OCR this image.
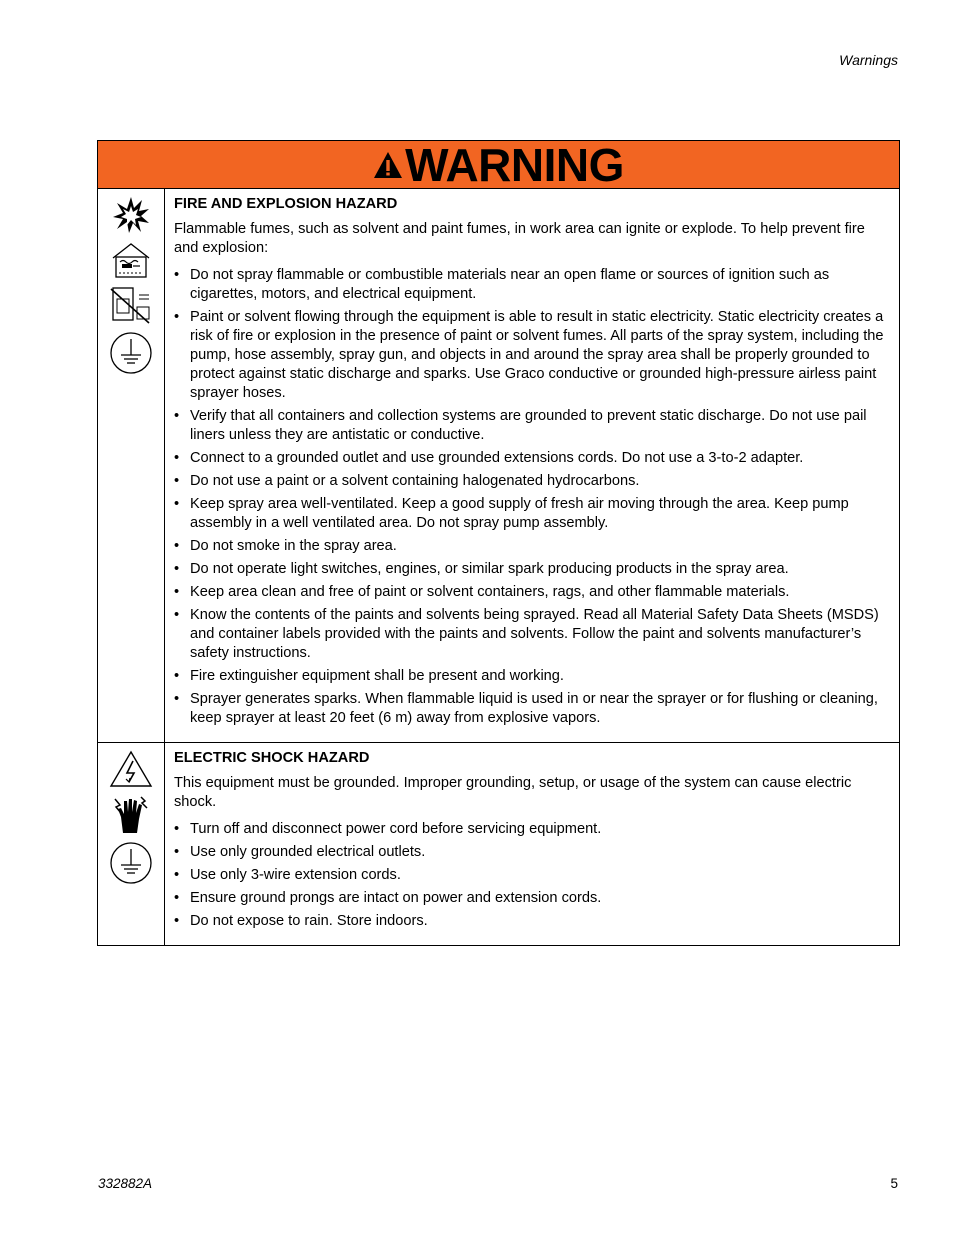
Warnings
WARNING

FIRE AND EXPLOSION HAZARD

Flammable fumes, such as solvent and paint fumes, in work area can ignite or explode. To help prevent fire and explosion:

• Do not spray flammable or combustible materials near an open flame or sources of ignition such as cigarettes, motors, and electrical equipment.
• Paint or solvent flowing through the equipment is able to result in static electricity. Static electricity creates a risk of fire or explosion in the presence of paint or solvent fumes. All parts of the spray system, including the pump, hose assembly, spray gun, and objects in and around the spray area shall be properly grounded to protect against static discharge and sparks. Use Graco conductive or grounded high-pressure airless paint sprayer hoses.
• Verify that all containers and collection systems are grounded to prevent static discharge. Do not use pail liners unless they are antistatic or conductive.
• Connect to a grounded outlet and use grounded extensions cords. Do not use a 3-to-2 adapter.
• Do not use a paint or a solvent containing halogenated hydrocarbons.
• Keep spray area well-ventilated. Keep a good supply of fresh air moving through the area. Keep pump assembly in a well ventilated area. Do not spray pump assembly.
• Do not smoke in the spray area.
• Do not operate light switches, engines, or similar spark producing products in the spray area.
• Keep area clean and free of paint or solvent containers, rags, and other flammable materials.
• Know the contents of the paints and solvents being sprayed. Read all Material Safety Data Sheets (MSDS) and container labels provided with the paints and solvents. Follow the paint and solvents manufacturer’s safety instructions.
• Fire extinguisher equipment shall be present and working.
• Sprayer generates sparks. When flammable liquid is used in or near the sprayer or for flushing or cleaning, keep sprayer at least 20 feet (6 m) away from explosive vapors.

ELECTRIC SHOCK HAZARD

This equipment must be grounded. Improper grounding, setup, or usage of the system can cause electric shock.

• Turn off and disconnect power cord before servicing equipment.
• Use only grounded electrical outlets.
• Use only 3-wire extension cords.
• Ensure ground prongs are intact on power and extension cords.
• Do not expose to rain. Store indoors.
332882A	5
